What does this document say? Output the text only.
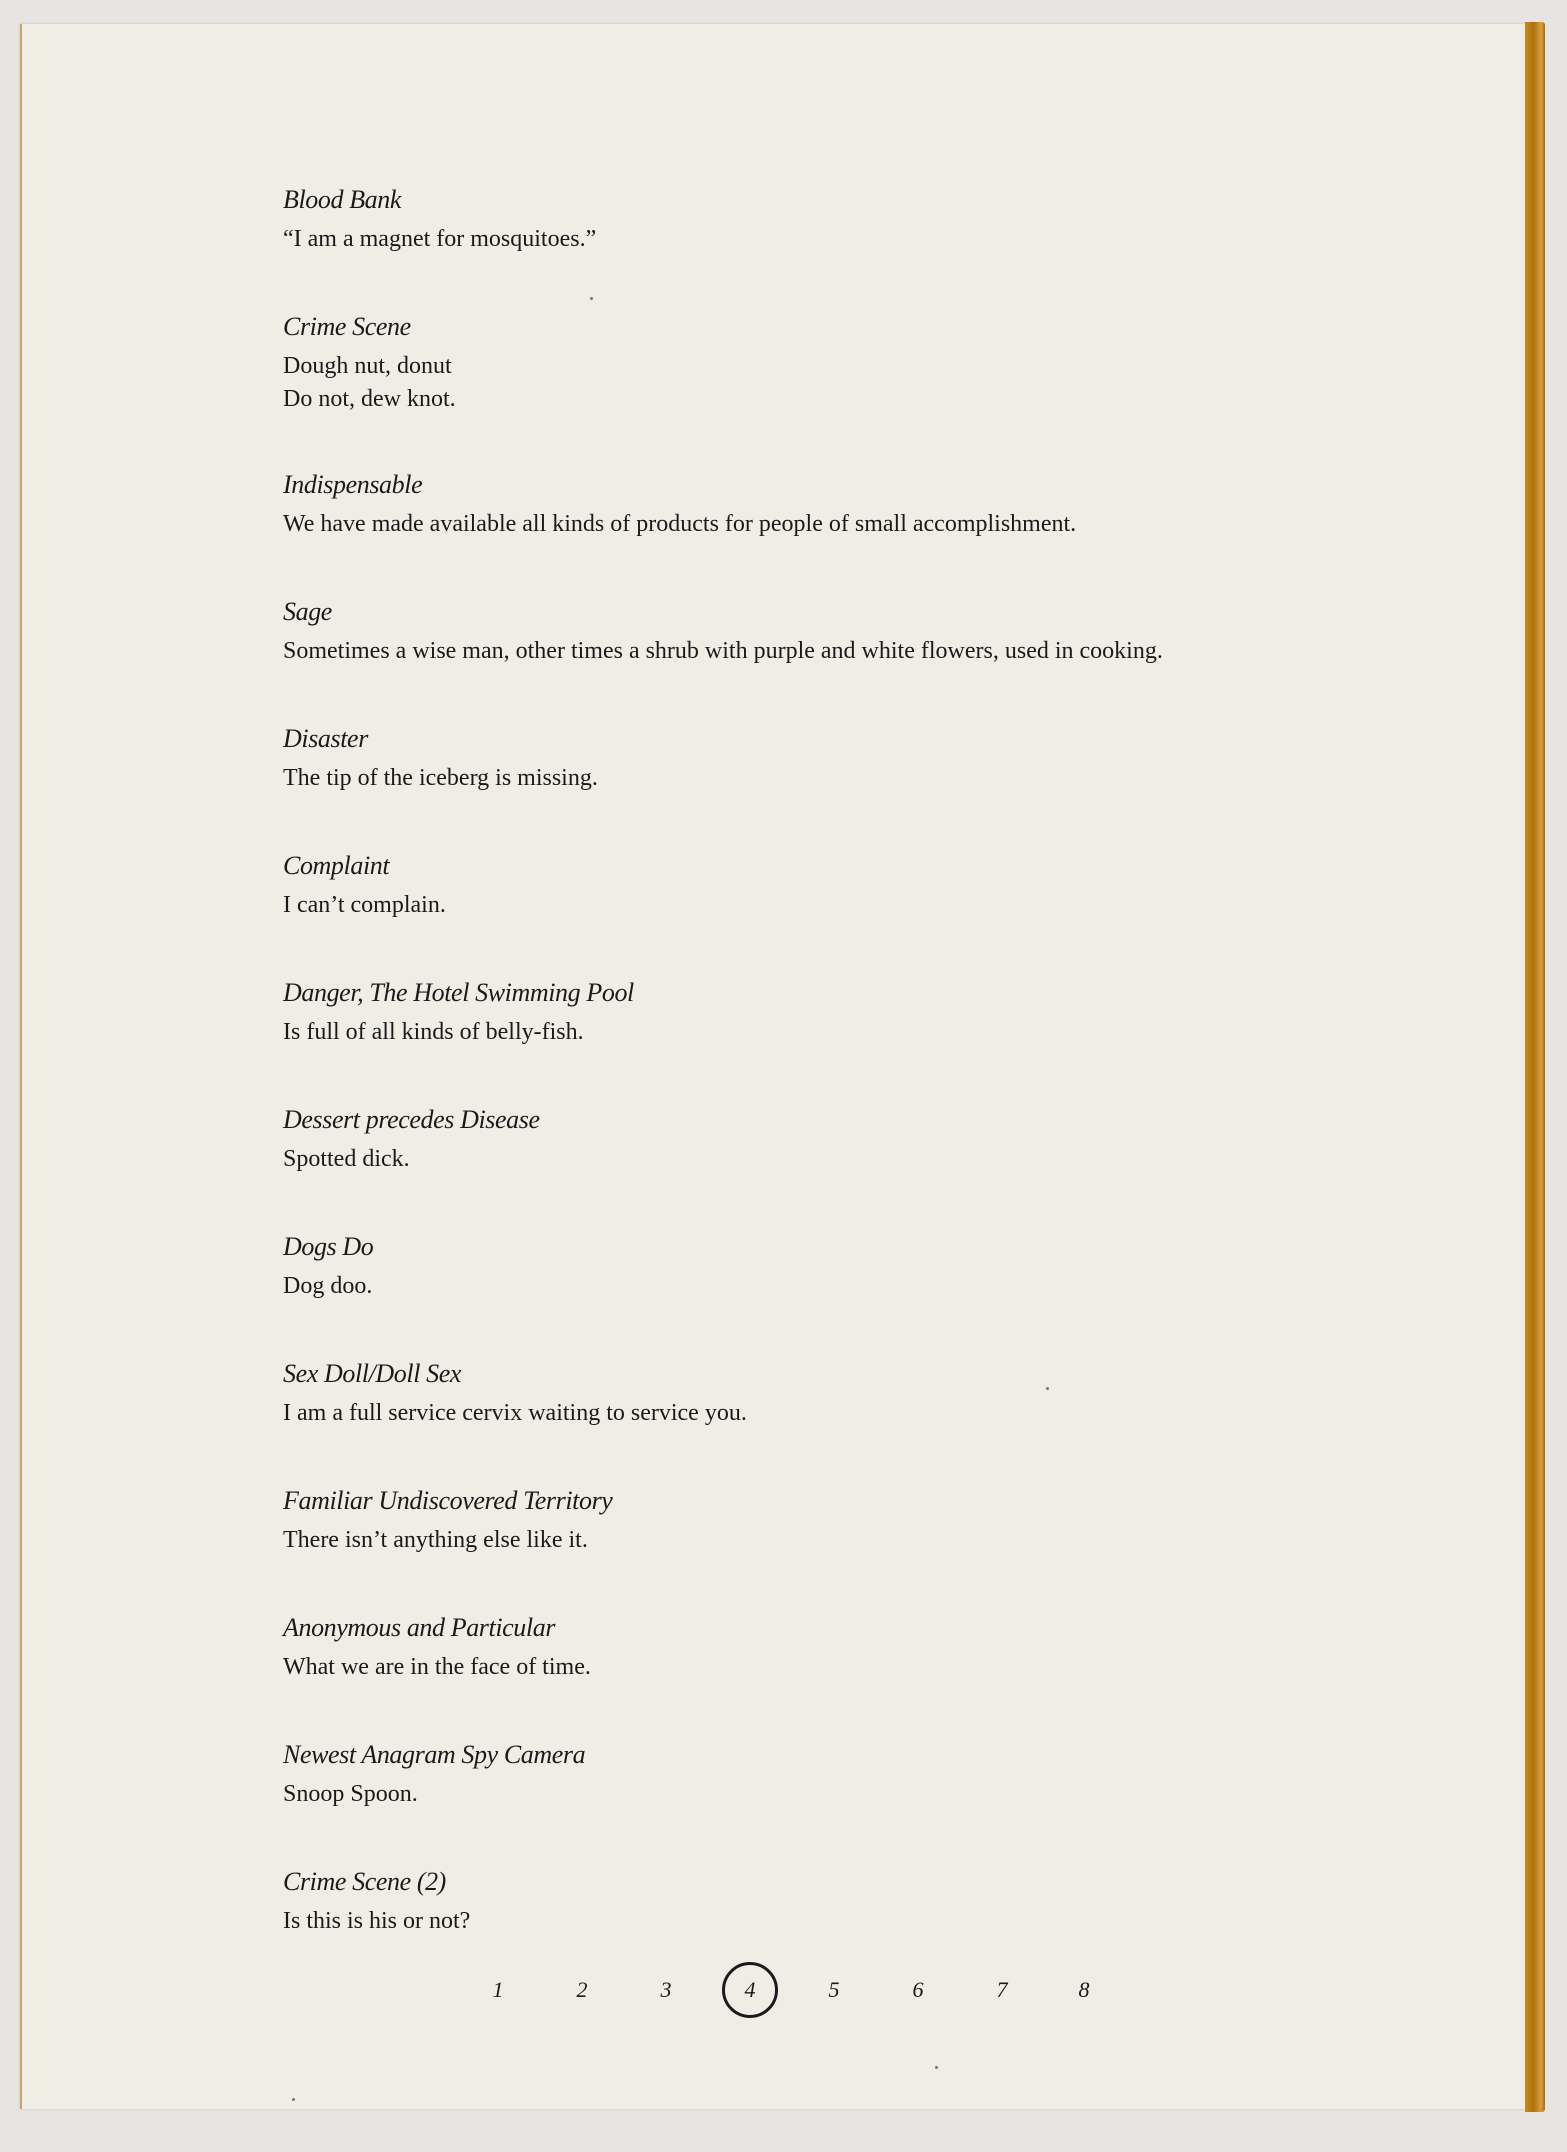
Blood Bank
“I am a magnet for mosquitoes.”
Crime Scene
Dough nut, donut
Do not, dew knot.
Indispensable
We have made available all kinds of products for people of small accomplishment.
Sage
Sometimes a wise man, other times a shrub with purple and white flowers, used in cooking.
Disaster
The tip of the iceberg is missing.
Complaint
I can’t complain.
Danger, The Hotel Swimming Pool
Is full of all kinds of belly-fish.
Dessert precedes Disease
Spotted dick.
Dogs Do
Dog doo.
Sex Doll/Doll Sex
I am a full service cervix waiting to service you.
Familiar Undiscovered Territory
There isn’t anything else like it.
Anonymous and Particular
What we are in the face of time.
Newest Anagram Spy Camera
Snoop Spoon.
Crime Scene (2)
Is this is his or not?
1	2	3	4	5	6	7	8
